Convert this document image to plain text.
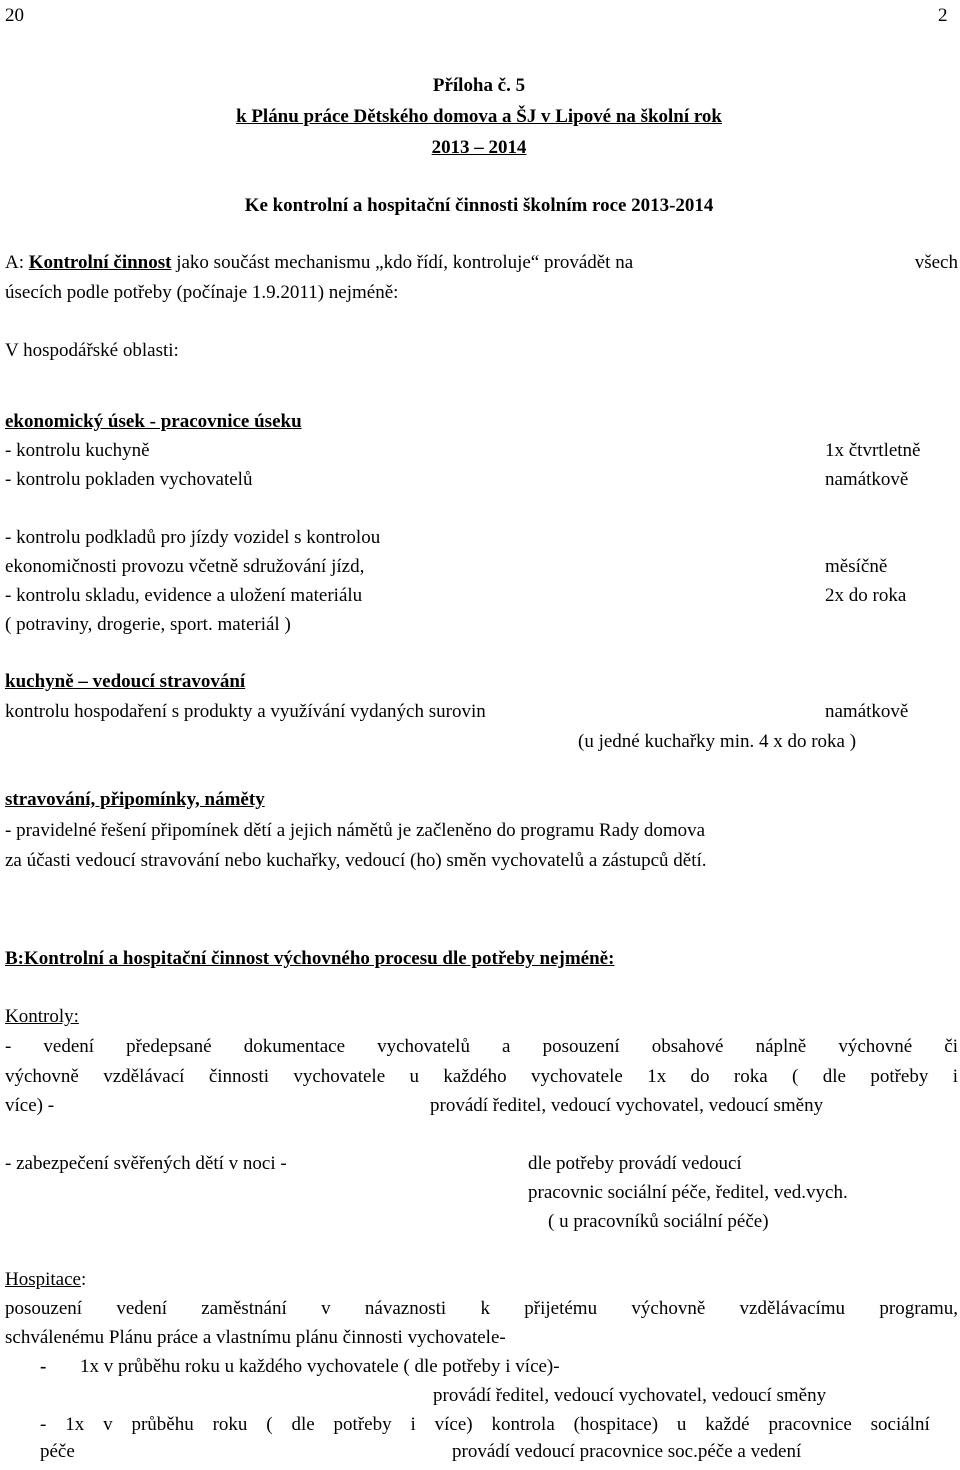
20	2
Příloha č. 5
k Plánu práce Dětského domova a ŠJ v Lipové na školní rok
2013 – 2014
Ke kontrolní a hospitační činnosti školním roce 2013-2014
A: Kontrolní činnost jako součást mechanismu „kdo řídí, kontroluje“ provádět na	všech
úsecích podle potřeby (počínaje 1.9.2011) nejméně:
V hospodářské oblasti:
ekonomický úsek - pracovnice úseku
- kontrolu kuchyně	1x čtvrtletně
- kontrolu pokladen vychovatelů	namátkově
- kontrolu podkladů pro jízdy vozidel s kontrolou
ekonomičnosti provozu včetně sdružování jízd,	měsíčně
- kontrolu skladu, evidence a uložení materiálu	2x do roka
( potraviny, drogerie, sport. materiál )
kuchyně – vedoucí stravování
kontrolu hospodaření s produkty a využívání vydaných surovin	namátkově
(u jedné kuchařky min. 4 x do roka )
stravování, připomínky, náměty
- pravidelné řešení připomínek dětí a jejich námětů je začleněno do programu Rady domova
za účasti vedoucí stravování nebo kuchařky, vedoucí (ho) směn vychovatelů a zástupců dětí.
B:Kontrolní a hospitační činnost výchovného procesu dle potřeby nejméně:
Kontroly:
- vedení předepsané dokumentace vychovatelů a posouzení obsahové náplně výchovné či
výchovně vzdělávací činnosti vychovatele u každého vychovatele 1x do roka ( dle potřeby i
více) -	provádí ředitel, vedoucí vychovatel, vedoucí směny
- zabezpečení svěřených dětí v noci -	dle potřeby provádí vedoucí
pracovnic sociální péče, ředitel, ved.vych.
( u pracovníků sociální péče)
Hospitace:
posouzení vedení zaměstnání v návaznosti k přijetému výchovně vzdělávacímu programu,
schválenému Plánu práce a vlastnímu plánu činnosti vychovatele-
- 1x v průběhu roku u každého vychovatele ( dle potřeby i více)-
provádí ředitel, vedoucí vychovatel, vedoucí směny
- 1x v průběhu roku ( dle potřeby i více) kontrola (hospitace) u každé pracovnice sociální
péče	provádí vedoucí pracovnice soc.péče a vedení
